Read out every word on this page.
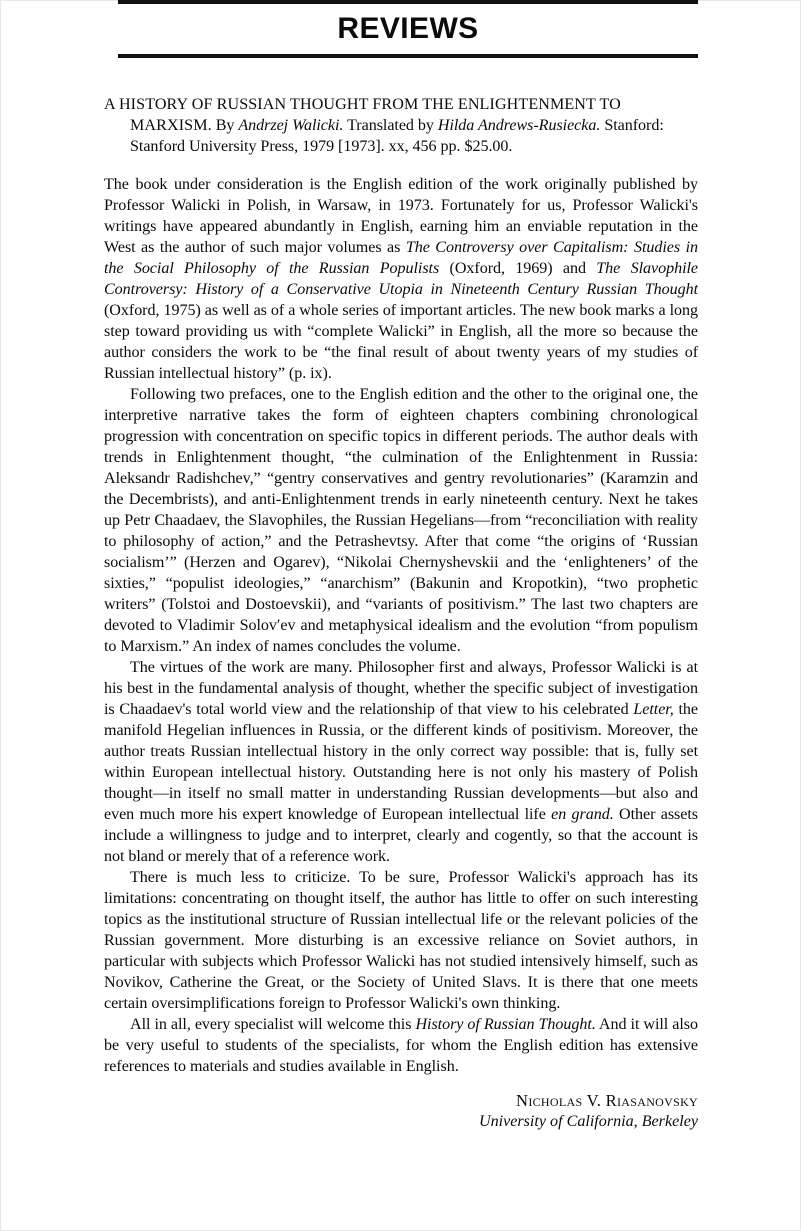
REVIEWS
A HISTORY OF RUSSIAN THOUGHT FROM THE ENLIGHTENMENT TO MARXISM. By Andrzej Walicki. Translated by Hilda Andrews-Rusiecka. Stanford: Stanford University Press, 1979 [1973]. xx, 456 pp. $25.00.

The book under consideration is the English edition of the work originally published by Professor Walicki in Polish, in Warsaw, in 1973. Fortunately for us, Professor Walicki's writings have appeared abundantly in English, earning him an enviable reputation in the West as the author of such major volumes as The Controversy over Capitalism: Studies in the Social Philosophy of the Russian Populists (Oxford, 1969) and The Slavophile Controversy: History of a Conservative Utopia in Nineteenth Century Russian Thought (Oxford, 1975) as well as of a whole series of important articles. The new book marks a long step toward providing us with “complete Walicki” in English, all the more so because the author considers the work to be “the final result of about twenty years of my studies of Russian intellectual history” (p. ix).

Following two prefaces, one to the English edition and the other to the original one, the interpretive narrative takes the form of eighteen chapters combining chronological progression with concentration on specific topics in different periods. The author deals with trends in Enlightenment thought, “the culmination of the Enlightenment in Russia: Aleksandr Radishchev,” “gentry conservatives and gentry revolutionaries” (Karamzin and the Decembrists), and anti-Enlightenment trends in early nineteenth century. Next he takes up Petr Chaadaev, the Slavophiles, the Russian Hegelians—from “reconciliation with reality to philosophy of action,” and the Petrashevtsy. After that come “the origins of ‘Russian socialism’” (Herzen and Ogarev), “Nikolai Chernyshevskii and the ‘enlighteners’ of the sixties,” “populist ideologies,” “anarchism” (Bakunin and Kropotkin), “two prophetic writers” (Tolstoi and Dostoevskii), and “variants of positivism.” The last two chapters are devoted to Vladimir Solov′ev and metaphysical idealism and the evolution “from populism to Marxism.” An index of names concludes the volume.

The virtues of the work are many. Philosopher first and always, Professor Walicki is at his best in the fundamental analysis of thought, whether the specific subject of investigation is Chaadaev's total world view and the relationship of that view to his celebrated Letter, the manifold Hegelian influences in Russia, or the different kinds of positivism. Moreover, the author treats Russian intellectual history in the only correct way possible: that is, fully set within European intellectual history. Outstanding here is not only his mastery of Polish thought—in itself no small matter in understanding Russian developments—but also and even much more his expert knowledge of European intellectual life en grand. Other assets include a willingness to judge and to interpret, clearly and cogently, so that the account is not bland or merely that of a reference work.

There is much less to criticize. To be sure, Professor Walicki's approach has its limitations: concentrating on thought itself, the author has little to offer on such interesting topics as the institutional structure of Russian intellectual life or the relevant policies of the Russian government. More disturbing is an excessive reliance on Soviet authors, in particular with subjects which Professor Walicki has not studied intensively himself, such as Novikov, Catherine the Great, or the Society of United Slavs. It is there that one meets certain oversimplifications foreign to Professor Walicki's own thinking.

All in all, every specialist will welcome this History of Russian Thought. And it will also be very useful to students of the specialists, for whom the English edition has extensive references to materials and studies available in English.

Nicholas V. Riasanovsky
University of California, Berkeley
